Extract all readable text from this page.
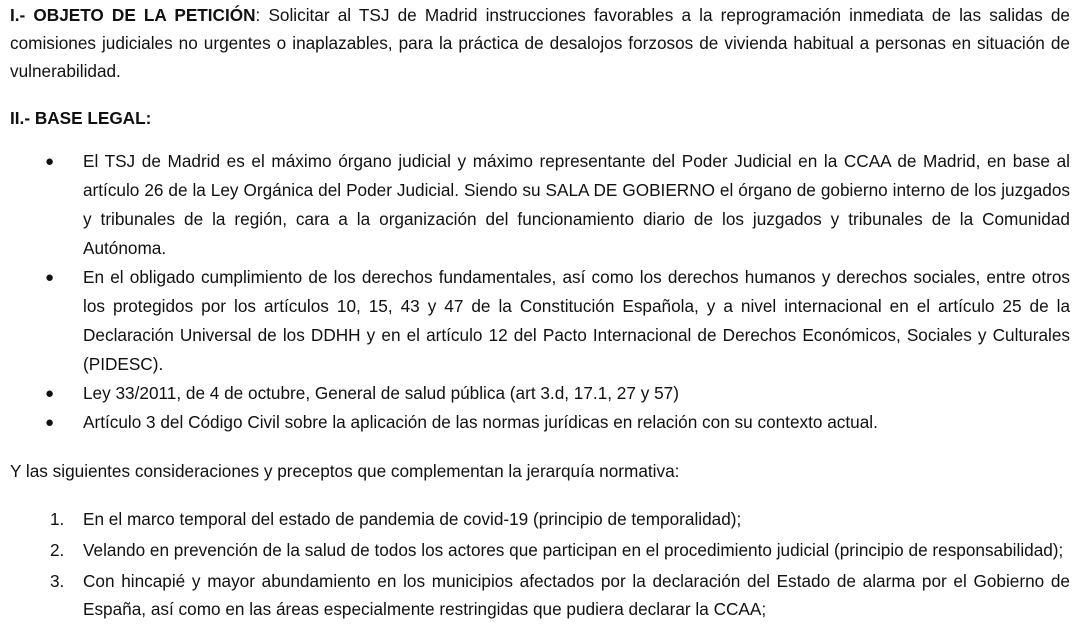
I.- OBJETO DE LA PETICIÓN: Solicitar al TSJ de Madrid instrucciones favorables a la reprogramación inmediata de las salidas de comisiones judiciales no urgentes o inaplazables, para la práctica de desalojos forzosos de vivienda habitual a personas en situación de vulnerabilidad.

II.- BASE LEGAL:

● El TSJ de Madrid es el máximo órgano judicial y máximo representante del Poder Judicial en la CCAA de Madrid, en base al artículo 26 de la Ley Orgánica del Poder Judicial. Siendo su SALA DE GOBIERNO el órgano de gobierno interno de los juzgados y tribunales de la región, cara a la organización del funcionamiento diario de los juzgados y tribunales de la Comunidad Autónoma.
● En el obligado cumplimiento de los derechos fundamentales, así como los derechos humanos y derechos sociales, entre otros los protegidos por los artículos 10, 15, 43 y 47 de la Constitución Española, y a nivel internacional en el artículo 25 de la Declaración Universal de los DDHH y en el artículo 12 del Pacto Internacional de Derechos Económicos, Sociales y Culturales (PIDESC).
● Ley 33/2011, de 4 de octubre, General de salud pública (art 3.d, 17.1, 27 y 57)
● Artículo 3 del Código Civil sobre la aplicación de las normas jurídicas en relación con su contexto actual.

Y las siguientes consideraciones y preceptos que complementan la jerarquía normativa:

1. En el marco temporal del estado de pandemia de covid-19 (principio de temporalidad);
2. Velando en prevención de la salud de todos los actores que participan en el procedimiento judicial (principio de responsabilidad);
3. Con hincapié y mayor abundamiento en los municipios afectados por la declaración del Estado de alarma por el Gobierno de España, así como en las áreas especialmente restringidas que pudiera declarar la CCAA;
